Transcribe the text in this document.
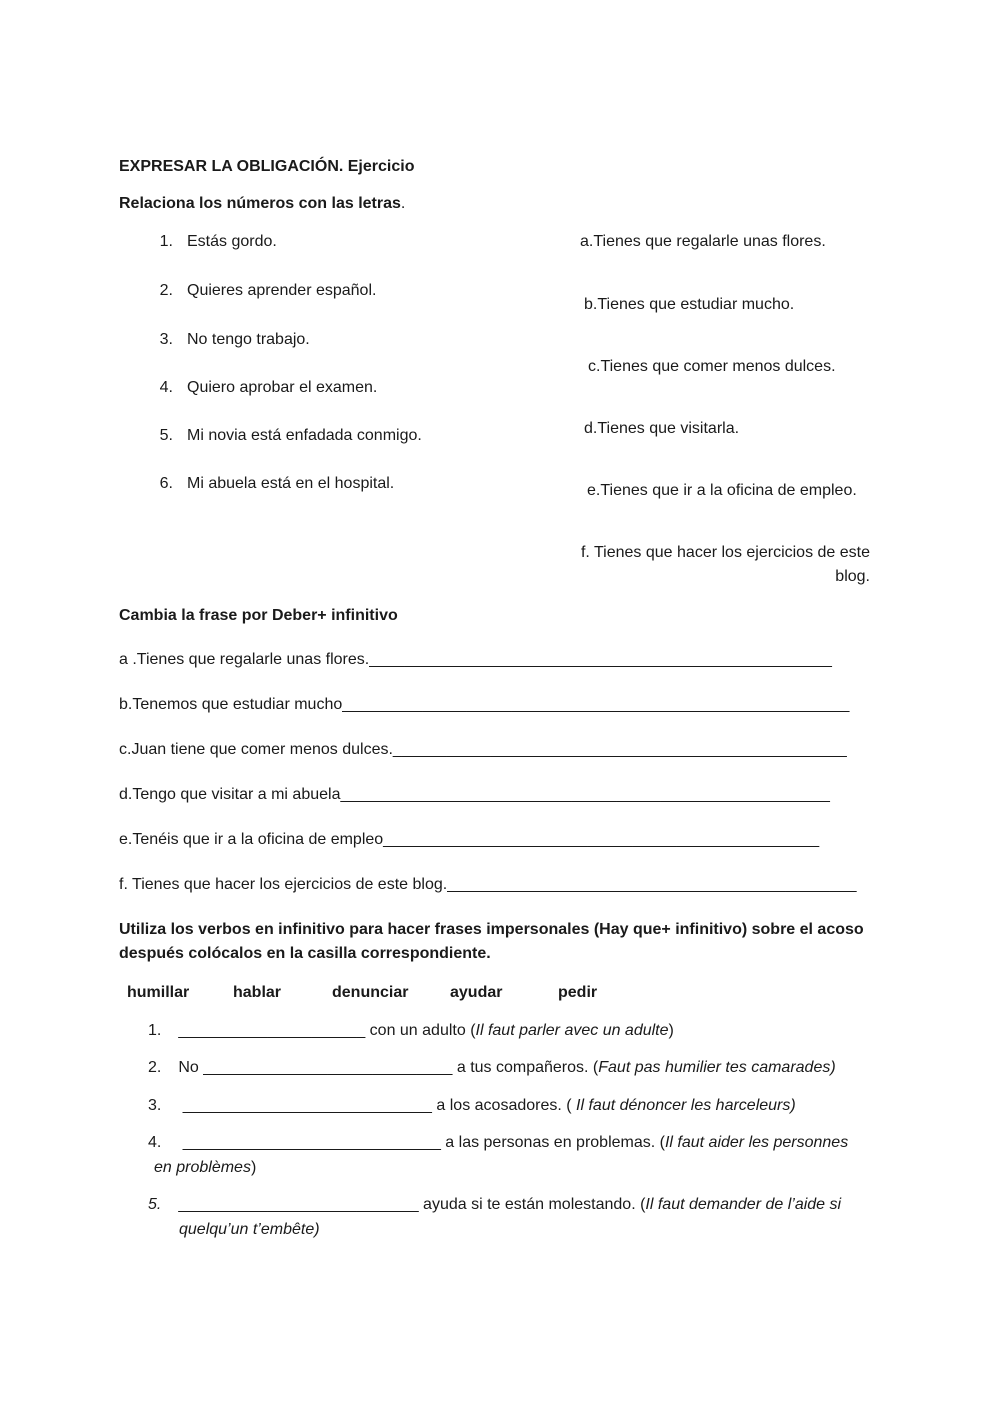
EXPRESAR LA OBLIGACIÓN. Ejercicio
Relaciona los números con las letras.
1. Estás gordo.
2. Quieres aprender español.
3. No tengo trabajo.
4. Quiero aprobar el examen.
5. Mi novia está enfadada conmigo.
6. Mi abuela está en el hospital.
a.Tienes que regalarle unas flores.
b.Tienes que estudiar mucho.
c.Tienes que comer menos dulces.
d.Tienes que visitarla.
e.Tienes que ir a la oficina de empleo.
f. Tienes que hacer los ejercicios de este
blog.
Cambia la frase por Deber+ infinitivo
a .Tienes que regalarle unas flores.____________________________________________________
b.Tenemos que estudiar mucho_________________________________________________________
c.Juan tiene que comer menos dulces.___________________________________________________
d.Tengo que visitar a mi abuela_______________________________________________________
e.Tenéis que ir a la oficina de empleo_________________________________________________
f. Tienes que hacer los ejercicios de este blog.______________________________________________
Utiliza los verbos en infinitivo para hacer frases impersonales (Hay que+ infinitivo) sobre el acoso
después colócalos en la casilla correspondiente.
humillar	hablar	denunciar	ayudar	pedir
1. _____________________ con un adulto (Il faut parler avec un adulte)
2. No ____________________________ a tus compañeros. (Faut pas humilier tes camarades)
3. ____________________________ a los acosadores. ( Il faut dénoncer les harceleurs)
4. _____________________________ a las personas en problemas. (Il faut aider les personnes
en problèmes)
5. ___________________________ ayuda si te están molestando. (Il faut demander de l’aide si
quelqu’un t’embête)
